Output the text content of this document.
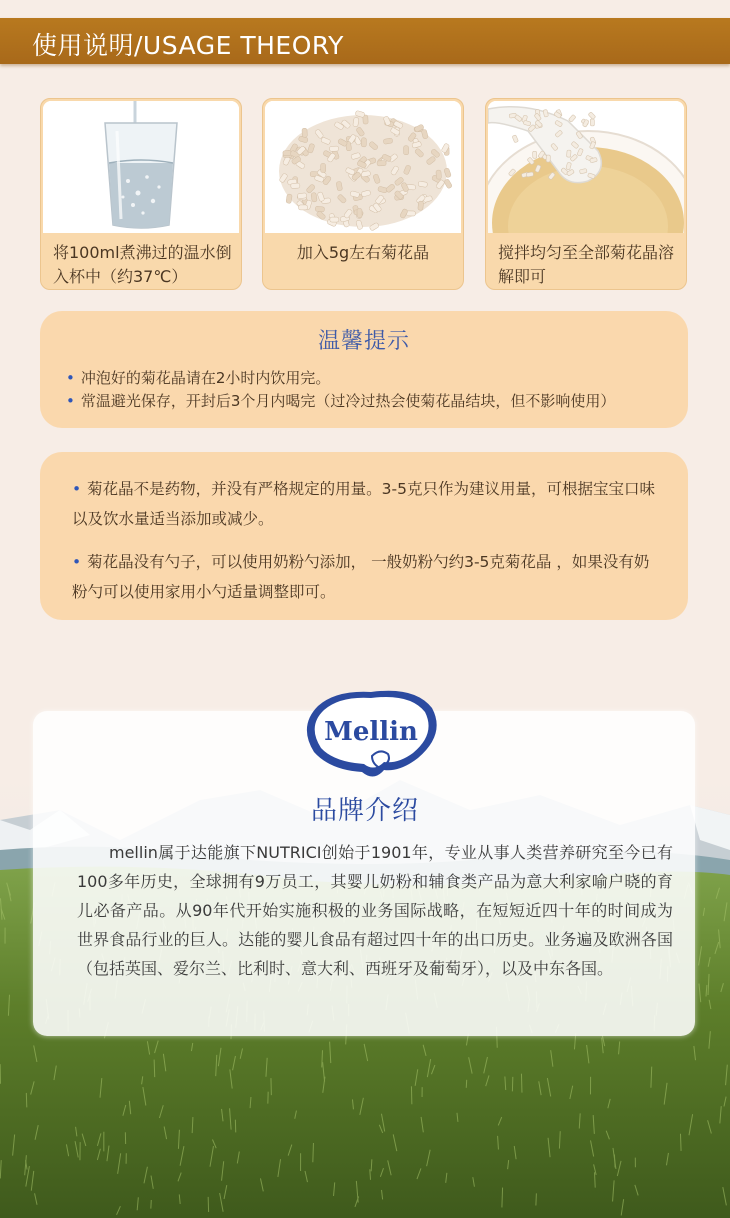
使用说明/USAGE THEORY
将100ml煮沸过的温水倒入杯中（约37℃）
加入5g左右菊花晶	搅拌均匀至全部菊花晶溶解即可
温馨提示
• 冲泡好的菊花晶请在2小时内饮用完。
• 常温避光保存，开封后3个月内喝完（过冷过热会使菊花晶结块，但不影响使用）
• 菊花晶不是药物，并没有严格规定的用量。3-5克只作为建议用量，可根据宝宝口味以及饮水量适当添加或减少。
• 菊花晶没有勺子，可以使用奶粉勺添加， 一般奶粉勺约3-5克菊花晶 ，如果没有奶粉勺可以使用家用小勺适量调整即可。
Mellin
品牌介绍
mellin属于达能旗下NUTRICI创始于1901年，专业从事人类营养研究至今已有100多年历史，全球拥有9万员工，其婴儿奶粉和辅食类产品为意大利家喻户晓的育儿必备产品。从90年代开始实施积极的业务国际战略，在短短近四十年的时间成为世界食品行业的巨人。达能的婴儿食品有超过四十年的出口历史。业务遍及欧洲各国（包括英国、爱尔兰、比利时、意大利、西班牙及葡萄牙），以及中东各国。
